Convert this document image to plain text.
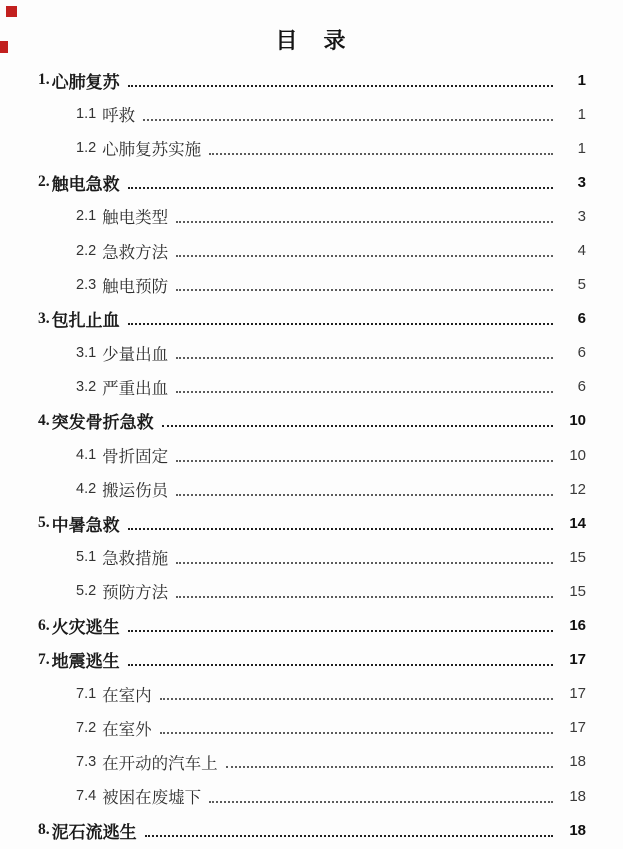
目　录
1. 心肺复苏	1
1.1 呼救	1
1.2 心肺复苏实施	1
2. 触电急救	3
2.1 触电类型	3
2.2 急救方法	4
2.3 触电预防	5
3. 包扎止血	6
3.1 少量出血	6
3.2 严重出血	6
4. 突发骨折急救	10
4.1 骨折固定	10
4.2 搬运伤员	12
5. 中暑急救	14
5.1 急救措施	15
5.2 预防方法	15
6. 火灾逃生	16
7. 地震逃生	17
7.1 在室内	17
7.2 在室外	17
7.3 在开动的汽车上	18
7.4 被困在废墟下	18
8. 泥石流逃生	18
